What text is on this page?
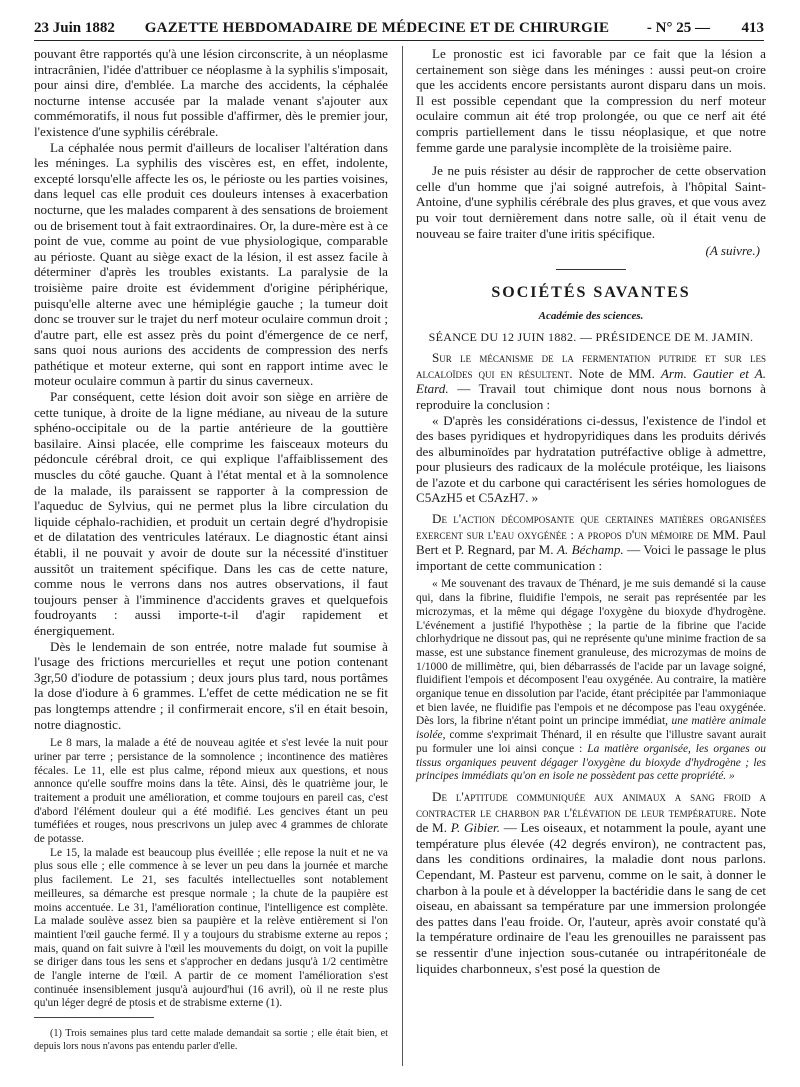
23 Juin 1882	GAZETTE HEBDOMADAIRE DE MÉDECINE ET DE CHIRURGIE	- N° 25 —	413

pouvant être rapportés qu'à une lésion circonscrite, à un néoplasme intracrânien, l'idée d'attribuer ce néoplasme à la syphilis s'imposait, pour ainsi dire, d'emblée. La marche des accidents, la céphalée nocturne intense accusée par la malade venant s'ajouter aux commémoratifs, il nous fut possible d'affirmer, dès le premier jour, l'existence d'une syphilis cérébrale.

La céphalée nous permit d'ailleurs de localiser l'altération dans les méninges. La syphilis des viscères est, en effet, indolente, excepté lorsqu'elle affecte les os, le périoste ou les parties voisines, dans lequel cas elle produit ces douleurs intenses à exacerbation nocturne, que les malades comparent à des sensations de broiement ou de brisement tout à fait extraordinaires. Or, la dure-mère est à ce point de vue, comme au point de vue physiologique, comparable au périoste. Quant au siège exact de la lésion, il est assez facile à déterminer d'après les troubles existants. La paralysie de la troisième paire droite est évidemment d'origine périphérique, puisqu'elle alterne avec une hémiplégie gauche ; la tumeur doit donc se trouver sur le trajet du nerf moteur oculaire commun droit ; d'autre part, elle est assez près du point d'émergence de ce nerf, sans quoi nous aurions des accidents de compression des nerfs pathétique et moteur externe, qui sont en rapport intime avec le moteur oculaire commun à partir du sinus caverneux.

Par conséquent, cette lésion doit avoir son siège en arrière de cette tunique, à droite de la ligne médiane, au niveau de la suture sphéno-occipitale ou de la partie antérieure de la gouttière basilaire. Ainsi placée, elle comprime les faisceaux moteurs du pédoncule cérébral droit, ce qui explique l'affaiblissement des muscles du côté gauche. Quant à l'état mental et à la somnolence de la malade, ils paraissent se rapporter à la compression de l'aqueduc de Sylvius, qui ne permet plus la libre circulation du liquide céphalo-rachidien, et produit un certain degré d'hydropisie et de dilatation des ventricules latéraux. Le diagnostic étant ainsi établi, il ne pouvait y avoir de doute sur la nécessité d'instituer aussitôt un traitement spécifique. Dans les cas de cette nature, comme nous le verrons dans nos autres observations, il faut toujours penser à l'imminence d'accidents graves et quelquefois foudroyants : aussi importe-t-il d'agir rapidement et énergiquement.

Dès le lendemain de son entrée, notre malade fut soumise à l'usage des frictions mercurielles et reçut une potion contenant 3gr,50 d'iodure de potassium ; deux jours plus tard, nous portâmes la dose d'iodure à 6 grammes. L'effet de cette médication ne se fit pas longtemps attendre ; il confirmerait encore, s'il en était besoin, notre diagnostic.

Le 8 mars, la malade a été de nouveau agitée et s'est levée la nuit pour uriner par terre ; persistance de la somnolence ; incontinence des matières fécales. Le 11, elle est plus calme, répond mieux aux questions, et nous annonce qu'elle souffre moins dans la tête. Ainsi, dès le quatrième jour, le traitement a produit une amélioration, et comme toujours en pareil cas, c'est d'abord l'élément douleur qui a été modifié. Les gencives étant un peu tuméfiées et rouges, nous prescrivons un julep avec 4 grammes de chlorate de potasse.

Le 15, la malade est beaucoup plus éveillée ; elle repose la nuit et ne va plus sous elle ; elle commence à se lever un peu dans la journée et marche plus facilement. Le 21, ses facultés intellectuelles sont notablement meilleures, sa démarche est presque normale ; la chute de la paupière est moins accentuée. Le 31, l'amélioration continue, l'intelligence est complète. La malade soulève assez bien sa paupière et la relève entièrement si l'on maintient l'œil gauche fermé. Il y a toujours du strabisme externe au repos ; mais, quand on fait suivre à l'œil les mouvements du doigt, on voit la pupille se diriger dans tous les sens et s'approcher en dedans jusqu'à 1/2 centimètre de l'angle interne de l'œil. A partir de ce moment l'amélioration s'est continuée insensiblement jusqu'à aujourd'hui (16 avril), où il ne reste plus qu'un léger degré de ptosis et de strabisme externe (1).

(1) Trois semaines plus tard cette malade demandait sa sortie ; elle était bien, et depuis lors nous n'avons pas entendu parler d'elle.

Le pronostic est ici favorable par ce fait que la lésion a certainement son siège dans les méninges : aussi peut-on croire que les accidents encore persistants auront disparu dans un mois. Il est possible cependant que la compression du nerf moteur oculaire commun ait été trop prolongée, ou que ce nerf ait été compris partiellement dans le tissu néoplasique, et que notre femme garde une paralysie incomplète de la troisième paire.

Je ne puis résister au désir de rapprocher de cette observation celle d'un homme que j'ai soigné autrefois, à l'hôpital Saint-Antoine, d'une syphilis cérébrale des plus graves, et que vous avez pu voir tout dernièrement dans notre salle, où il était venu de nouveau se faire traiter d'une iritis spécifique.

(A suivre.)
SOCIÉTÉS SAVANTES
Académie des sciences.
SÉANCE DU 12 JUIN 1882. — PRÉSIDENCE DE M. JAMIN.

Sur le mécanisme de la fermentation putride et sur les alcaloïdes qui en résultent. Note de MM. Arm. Gautier et A. Etard. — Travail tout chimique dont nous nous bornons à reproduire la conclusion :

« D'après les considérations ci-dessus, l'existence de l'indol et des bases pyridiques et hydropyridiques dans les produits dérivés des albuminoïdes par hydratation putréfactive oblige à admettre, pour plusieurs des radicaux de la molécule protéique, les liaisons de l'azote et du carbone qui caractérisent les séries homologues de C5AzH5 et C5AzH7. »

De l'action décomposante que certaines matières organisées exercent sur l'eau oxygénée : a propos d'un mémoire de MM. Paul Bert et P. Regnard, par M. A. Béchamp. — Voici le passage le plus important de cette communication :

« Me souvenant des travaux de Thénard, je me suis demandé si la cause qui, dans la fibrine, fluidifie l'empois, ne serait pas représentée par les microzymas, et la même qui dégage l'oxygène du bioxyde d'hydrogène. L'événement a justifié l'hypothèse ; la partie de la fibrine que l'acide chlorhydrique ne dissout pas, qui ne représente qu'une minime fraction de sa masse, est une substance finement granuleuse, des microzymas de moins de 1/1000 de millimètre, qui, bien débarrassés de l'acide par un lavage soigné, fluidifient l'empois et décomposent l'eau oxygénée. Au contraire, la matière organique tenue en dissolution par l'acide, étant précipitée par l'ammoniaque et bien lavée, ne fluidifie pas l'empois et ne décompose pas l'eau oxygénée. Dès lors, la fibrine n'étant point un principe immédiat, une matière animale isolée, comme s'exprimait Thénard, il en résulte que l'illustre savant aurait pu formuler une loi ainsi conçue : La matière organisée, les organes ou tissus organiques peuvent dégager l'oxygène du bioxyde d'hydrogène ; les principes immédiats qu'on en isole ne possèdent pas cette propriété. »

De l'aptitude communiquée aux animaux a sang froid a contracter le charbon par l'élévation de leur température. Note de M. P. Gibier. — Les oiseaux, et notamment la poule, ayant une température plus élevée (42 degrés environ), ne contractent pas, dans les conditions ordinaires, la maladie dont nous parlons. Cependant, M. Pasteur est parvenu, comme on le sait, à donner le charbon à la poule et à développer la bactéridie dans le sang de cet oiseau, en abaissant sa température par une immersion prolongée des pattes dans l'eau froide. Or, l'auteur, après avoir constaté qu'à la température ordinaire de l'eau les grenouilles ne paraissent pas se ressentir d'une injection sous-cutanée ou intrapéritonéale de liquides charbonneux, s'est posé la question de
